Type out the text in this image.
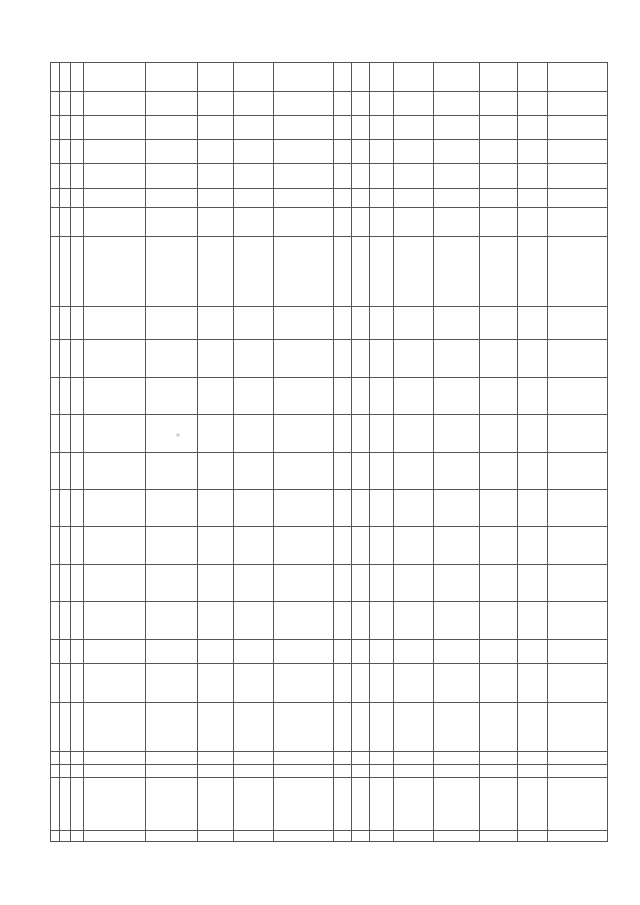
«
